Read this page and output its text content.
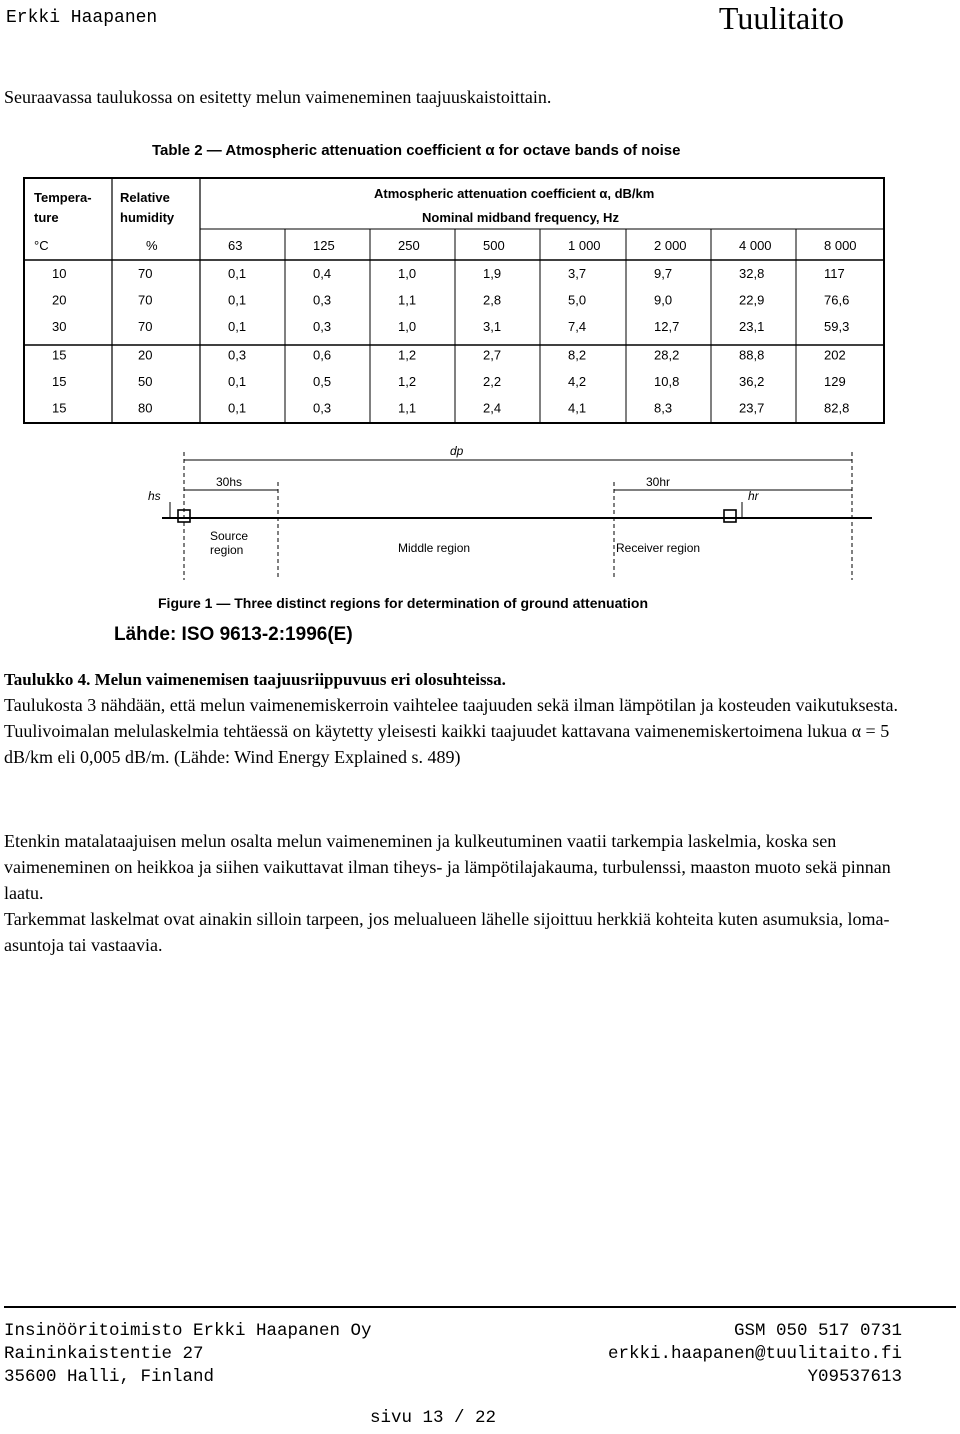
Erkki Haapanen	Tuulitaito

Seuraavassa taulukossa on esitetty melun vaimeneminen taajuuskaistoittain.

Table 2 — Atmospheric attenuation coefficient α for octave bands of noise
Tempera-
ture
Relative
humidity
Atmospheric attenuation coefficient α, dB/km
Nominal midband frequency, Hz
°C	%	63	125	250	500	1 000	2 000	4 000	8 000
10	70	0,1	0,4	1,0	1,9	3,7	9,7	32,8	117
20	70	0,1	0,3	1,1	2,8	5,0	9,0	22,9	76,6
30	70	0,1	0,3	1,0	3,1	7,4	12,7	23,1	59,3
15	20	0,3	0,6	1,2	2,7	8,2	28,2	88,8	202
15	50	0,1	0,5	1,2	2,2	4,2	10,8	36,2	129
15	80	0,1	0,3	1,1	2,4	4,1	8,3	23,7	82,8
dp
30hs	30hr
hs	hr
Source
region	Middle region	Receiver region
Figure 1 — Three distinct regions for determination of ground attenuation
Lähde: ISO 9613-2:1996(E)
Taulukko 4. Melun vaimenemisen taajuusriippuvuus eri olosuhteissa.

Taulukosta 3 nähdään, että melun vaimenemiskerroin vaihtelee taajuuden sekä ilman lämpötilan ja kosteuden vaikutuksesta. Tuulivoimalan melulaskelmia tehtäessä on käytetty yleisesti kaikki taajuudet kattavana vaimenemiskertoimena lukua α = 5 dB/km eli 0,005 dB/m. (Lähde: Wind Energy Explained s. 489)

Etenkin matalataajuisen melun osalta melun vaimeneminen ja kulkeutuminen vaatii tarkempia laskelmia, koska sen vaimeneminen on heikkoa ja siihen vaikuttavat ilman tiheys- ja lämpötilajakauma, turbulenssi, maaston muoto sekä pinnan laatu.
Tarkemmat laskelmat ovat ainakin silloin tarpeen, jos melualueen lähelle sijoittuu herkkiä kohteita kuten asumuksia, loma-asuntoja tai vastaavia.
Insinööritoimisto Erkki Haapanen Oy
Raininkaistentie 27
35600 Halli, Finland
GSM 050 517 0731
erkki.haapanen@tuulitaito.fi
Y09537613
sivu 13 / 22
